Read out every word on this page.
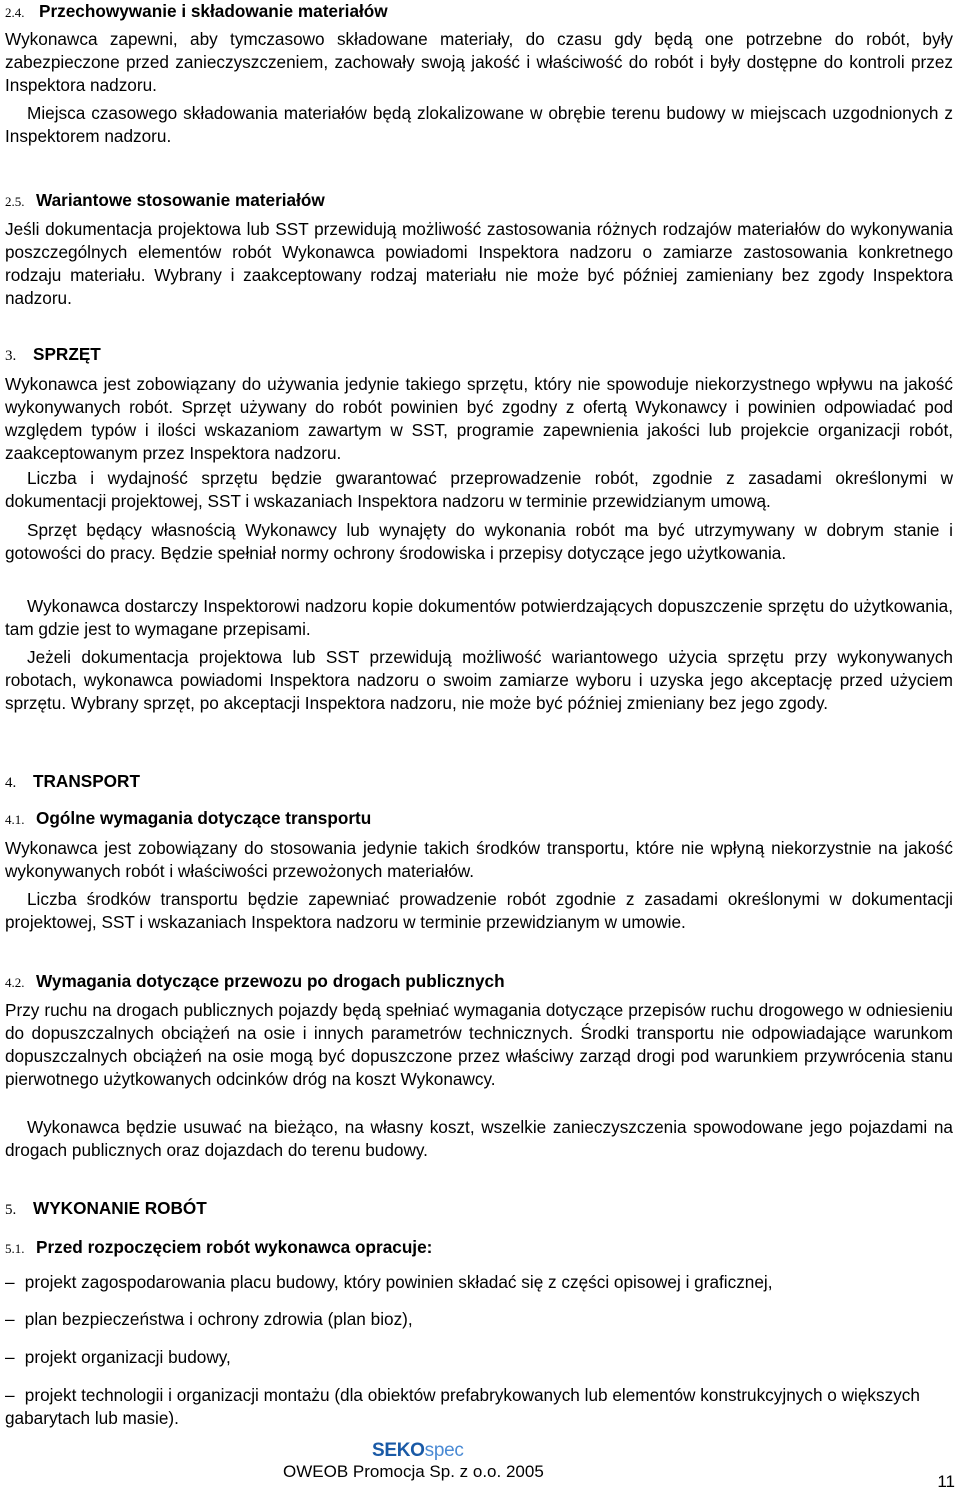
2.4. Przechowywanie i składowanie materiałów

Wykonawca zapewni, aby tymczasowo składowane materiały, do czasu gdy będą one potrzebne do robót, były zabezpieczone przed zanieczyszczeniem, zachowały swoją jakość i właściwość do robót i były dostępne do kontroli przez Inspektora nadzoru.

Miejsca czasowego składowania materiałów będą zlokalizowane w obrębie terenu budowy w miejscach uzgodnionych z Inspektorem nadzoru.

2.5. Wariantowe stosowanie materiałów

Jeśli dokumentacja projektowa lub SST przewidują możliwość zastosowania różnych rodzajów materiałów do wykonywania poszczególnych elementów robót Wykonawca powiadomi Inspektora nadzoru o zamiarze zastosowania konkretnego rodzaju materiału. Wybrany i zaakceptowany rodzaj materiału nie może być później zamieniany bez zgody Inspektora nadzoru.

3. SPRZĘT

Wykonawca jest zobowiązany do używania jedynie takiego sprzętu, który nie spowoduje niekorzystnego wpływu na jakość wykonywanych robót. Sprzęt używany do robót powinien być zgodny z ofertą Wykonawcy i powinien odpowiadać pod względem typów i ilości wskazaniom zawartym w SST, programie zapewnienia jakości lub projekcie organizacji robót, zaakceptowanym przez Inspektora nadzoru.

Liczba i wydajność sprzętu będzie gwarantować przeprowadzenie robót, zgodnie z zasadami określonymi w dokumentacji projektowej, SST i wskazaniach Inspektora nadzoru w terminie przewidzianym umową.

Sprzęt będący własnością Wykonawcy lub wynajęty do wykonania robót ma być utrzymywany w dobrym stanie i gotowości do pracy. Będzie spełniał normy ochrony środowiska i przepisy dotyczące jego użytkowania.

Wykonawca dostarczy Inspektorowi nadzoru kopie dokumentów potwierdzających dopuszczenie sprzętu do użytkowania, tam gdzie jest to wymagane przepisami.

Jeżeli dokumentacja projektowa lub SST przewidują możliwość wariantowego użycia sprzętu przy wykonywanych robotach, wykonawca powiadomi Inspektora nadzoru o swoim zamiarze wyboru i uzyska jego akceptację przed użyciem sprzętu. Wybrany sprzęt, po akceptacji Inspektora nadzoru, nie może być później zmieniany bez jego zgody.

4. TRANSPORT

4.1. Ogólne wymagania dotyczące transportu

Wykonawca jest zobowiązany do stosowania jedynie takich środków transportu, które nie wpłyną niekorzystnie na jakość wykonywanych robót i właściwości przewożonych materiałów.

Liczba środków transportu będzie zapewniać prowadzenie robót zgodnie z zasadami określonymi w dokumentacji projektowej, SST i wskazaniach Inspektora nadzoru w terminie przewidzianym w umowie.

4.2. Wymagania dotyczące przewozu po drogach publicznych

Przy ruchu na drogach publicznych pojazdy będą spełniać wymagania dotyczące przepisów ruchu drogowego w odniesieniu do dopuszczalnych obciążeń na osie i innych parametrów technicznych. Środki transportu nie odpowiadające warunkom dopuszczalnych obciążeń na osie mogą być dopuszczone przez właściwy zarząd drogi pod warunkiem przywrócenia stanu pierwotnego użytkowanych odcinków dróg na koszt Wykonawcy.

Wykonawca będzie usuwać na bieżąco, na własny koszt, wszelkie zanieczyszczenia spowodowane jego pojazdami na drogach publicznych oraz dojazdach do terenu budowy.

5. WYKONANIE ROBÓT

5.1. Przed rozpoczęciem robót wykonawca opracuje:

– projekt zagospodarowania placu budowy, który powinien składać się z części opisowej i graficznej,
– plan bezpieczeństwa i ochrony zdrowia (plan bioz),
– projekt organizacji budowy,
– projekt technologii i organizacji montażu (dla obiektów prefabrykowanych lub elementów konstrukcyjnych o większych gabarytach lub masie).
SEKOspec
OWEOB Promocja Sp. z o.o. 2005
11
